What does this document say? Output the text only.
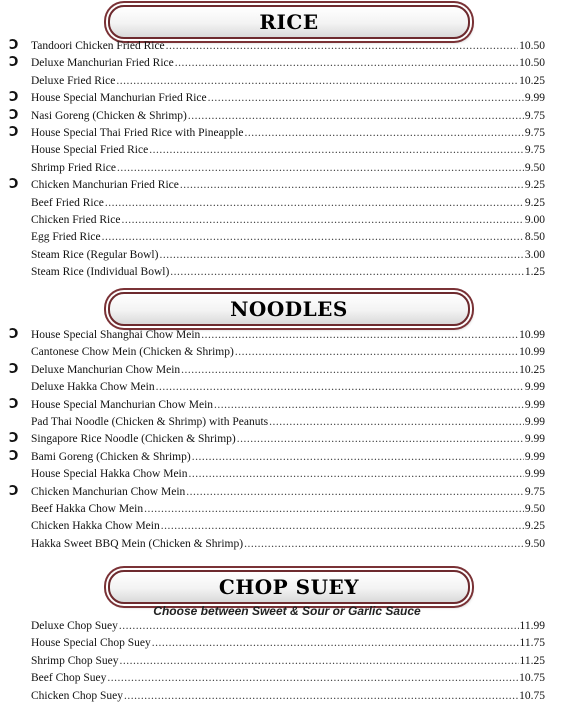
RICE
Ɔ Tandoori Chicken Fried Rice .....	10.50
Ɔ Deluxe Manchurian Fried Rice .....	10.50
Deluxe Fried Rice .....	10.25
Ɔ House Special Manchurian Fried Rice .....	9.99
Ɔ Nasi Goreng (Chicken & Shrimp) .....	9.75
Ɔ House Special Thai Fried Rice with Pineapple .....	9.75
House Special Fried Rice .....	9.75
Shrimp Fried Rice .....	9.50
Ɔ Chicken Manchurian Fried Rice .....	9.25
Beef Fried Rice .....	9.25
Chicken Fried Rice .....	9.00
Egg Fried Rice .....	8.50
Steam Rice (Regular Bowl) .....	3.00
Steam Rice (Individual Bowl) .....	1.25
NOODLES
Ɔ House Special Shanghai Chow Mein .....	10.99
Cantonese Chow Mein (Chicken & Shrimp) .....	10.99
Ɔ Deluxe Manchurian Chow Mein .....	10.25
Deluxe Hakka Chow Mein .....	9.99
Ɔ House Special Manchurian Chow Mein .....	9.99
Pad Thai Noodle (Chicken & Shrimp) with Peanuts .....	9.99
Ɔ Singapore Rice Noodle (Chicken & Shrimp) .....	9.99
Ɔ Bami Goreng (Chicken & Shrimp) .....	9.99
House Special Hakka Chow Mein .....	9.99
Ɔ Chicken Manchurian Chow Mein .....	9.75
Beef Hakka Chow Mein .....	9.50
Chicken Hakka Chow Mein .....	9.25
Hakka Sweet BBQ Mein (Chicken & Shrimp) .....	9.50
CHOP SUEY
Choose between Sweet & Sour or Garlic Sauce
Deluxe Chop Suey .....	11.99
House Special Chop Suey .....	11.75
Shrimp Chop Suey .....	11.25
Beef Chop Suey .....	10.75
Chicken Chop Suey .....	10.75
